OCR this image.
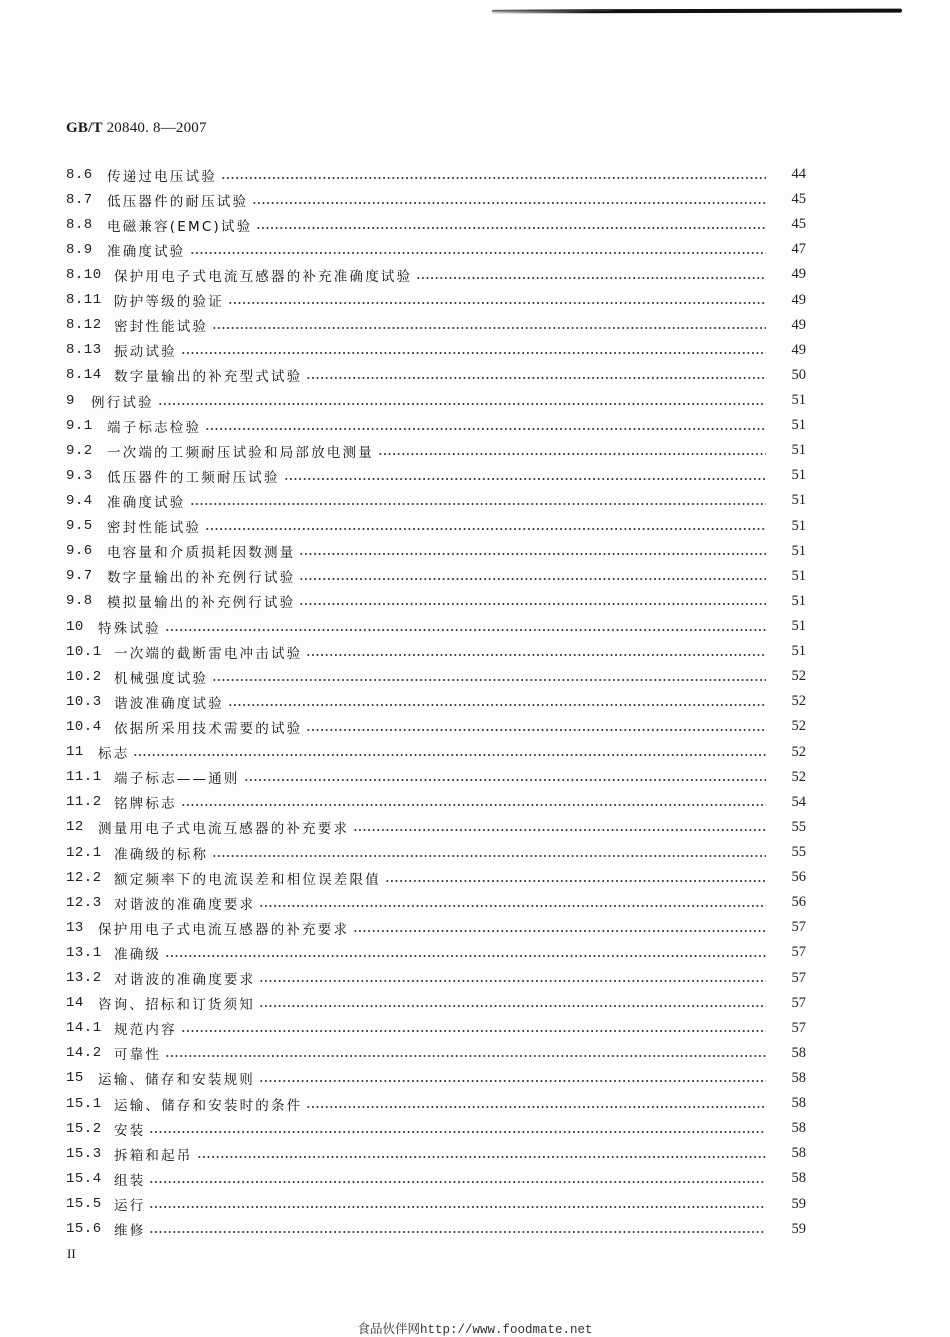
GB/T 20840. 8—2007
8.6	传递过电压试验	44
8.7	低压器件的耐压试验	45
8.8	电磁兼容(EMC)试验	45
8.9	准确度试验	47
8.10 保护用电子式电流互感器的补充准确度试验	49
8.11 防护等级的验证	49
8.12 密封性能试验	49
8.13 振动试验	49
8.14 数字量输出的补充型式试验	50
9	例行试验	51
9.1	端子标志检验	51
9.2	一次端的工频耐压试验和局部放电测量	51
9.3	低压器件的工频耐压试验	51
9.4	准确度试验	51
9.5	密封性能试验	51
9.6	电容量和介质损耗因数测量	51
9.7	数字量输出的补充例行试验	51
9.8	模拟量输出的补充例行试验	51
10	特殊试验	51
10.1 一次端的截断雷电冲击试验	51
10.2 机械强度试验	52
10.3 谐波准确度试验	52
10.4 依据所采用技术需要的试验	52
11	标志	52
11.1 端子标志——通则	52
11.2 铭牌标志	54
12	测量用电子式电流互感器的补充要求	55
12.1 准确级的标称	55
12.2 额定频率下的电流误差和相位误差限值	56
12.3 对谐波的准确度要求	56
13	保护用电子式电流互感器的补充要求	57
13.1 准确级	57
13.2 对谐波的准确度要求	57
14	咨询、招标和订货须知	57
14.1 规范内容	57
14.2 可靠性	58
15	运输、储存和安装规则	58
15.1 运输、储存和安装时的条件	58
15.2 安装	58
15.3 拆箱和起吊	58
15.4 组装	58
15.5 运行	59
15.6 维修	59
II
食品伙伴网http://www.foodmate.net
